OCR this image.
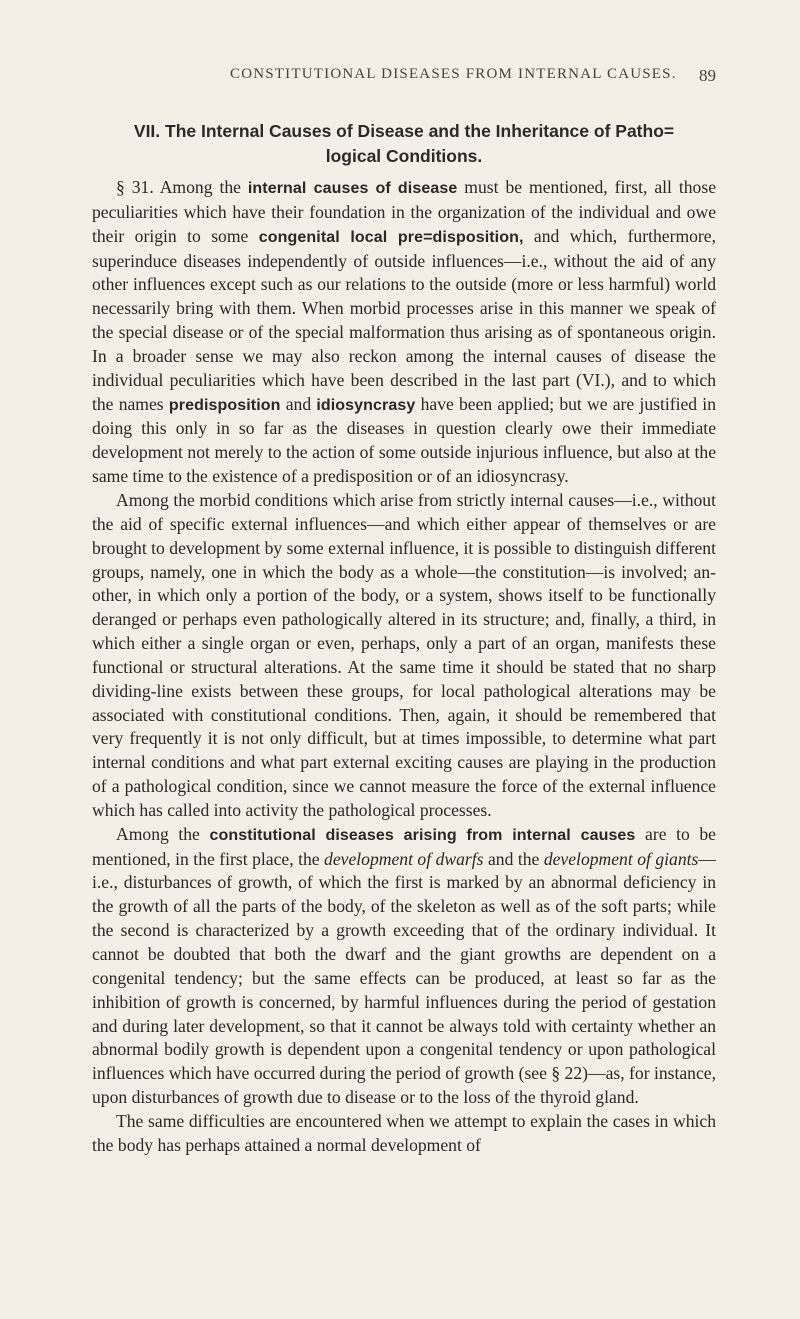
CONSTITUTIONAL DISEASES FROM INTERNAL CAUSES. 89
VII. The Internal Causes of Disease and the Inheritance of Patho=
logical Conditions.

§ 31. Among the internal causes of disease must be mentioned, first, all those peculiarities which have their foundation in the organization of the individual and owe their origin to some congenital local pre=disposition, and which, furthermore, superinduce diseases independently of outside influences—i.e., without the aid of any other influences except such as our relations to the outside (more or less harmful) world necessarily bring with them. When morbid processes arise in this manner we speak of the special disease or of the special malformation thus arising as of spontaneous origin. In a broader sense we may also reckon among the internal causes of disease the individual peculiarities which have been described in the last part (VI.), and to which the names predisposition and idiosyncrasy have been applied; but we are justified in doing this only in so far as the diseases in question clearly owe their immediate development not merely to the action of some outside injurious influence, but also at the same time to the existence of a predisposition or of an idiosyncrasy.

Among the morbid conditions which arise from strictly internal causes—i.e., without the aid of specific external influences—and which either appear of themselves or are brought to development by some external influence, it is possible to distinguish different groups, namely, one in which the body as a whole—the constitution—is involved; another, in which only a portion of the body, or a system, shows itself to be functionally deranged or perhaps even pathologically altered in its structure; and, finally, a third, in which either a single organ or even, perhaps, only a part of an organ, manifests these functional or structural alterations. At the same time it should be stated that no sharp dividing-line exists between these groups, for local pathological alterations may be associated with constitutional conditions. Then, again, it should be remembered that very frequently it is not only difficult, but at times impossible, to determine what part internal conditions and what part external exciting causes are playing in the production of a pathological condition, since we cannot measure the force of the external influence which has called into activity the pathological processes.

Among the constitutional diseases arising from internal causes are to be mentioned, in the first place, the development of dwarfs and the development of giants—i.e., disturbances of growth, of which the first is marked by an abnormal deficiency in the growth of all the parts of the body, of the skeleton as well as of the soft parts; while the second is characterized by a growth exceeding that of the ordinary individual. It cannot be doubted that both the dwarf and the giant growths are dependent on a congenital tendency; but the same effects can be produced, at least so far as the inhibition of growth is concerned, by harmful influences during the period of gestation and during later development, so that it cannot be always told with certainty whether an abnormal bodily growth is dependent upon a congenital tendency or upon pathological influences which have occurred during the period of growth (see § 22)—as, for instance, upon disturbances of growth due to disease or to the loss of the thyroid gland.

The same difficulties are encountered when we attempt to explain the cases in which the body has perhaps attained a normal development of
